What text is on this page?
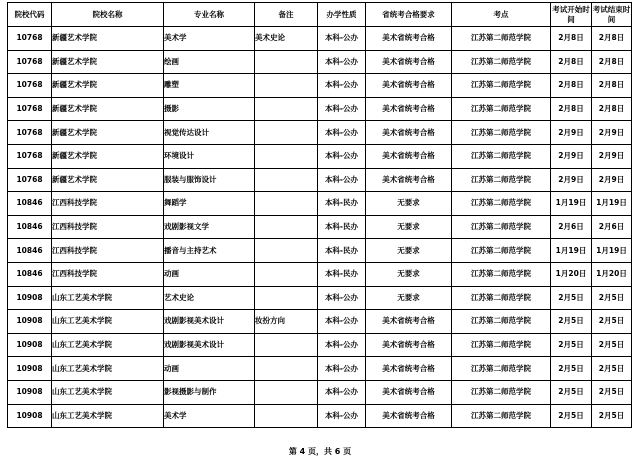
院校代码	院校名称	专业名称	备注	办学性质	省统考合格要求	考点	考试开始时间	考试结束时间
10768	新疆艺术学院	美术学	美术史论	本科-公办	美术省统考合格	江苏第二师范学院	2月8日	2月8日
10768	新疆艺术学院	绘画		本科-公办	美术省统考合格	江苏第二师范学院	2月8日	2月8日
10768	新疆艺术学院	雕塑		本科-公办	美术省统考合格	江苏第二师范学院	2月8日	2月8日
10768	新疆艺术学院	摄影		本科-公办	美术省统考合格	江苏第二师范学院	2月8日	2月8日
10768	新疆艺术学院	视觉传达设计		本科-公办	美术省统考合格	江苏第二师范学院	2月9日	2月9日
10768	新疆艺术学院	环境设计		本科-公办	美术省统考合格	江苏第二师范学院	2月9日	2月9日
10768	新疆艺术学院	服装与服饰设计		本科-公办	美术省统考合格	江苏第二师范学院	2月9日	2月9日
10846	江西科技学院	舞蹈学		本科-民办	无要求	江苏第二师范学院	1月19日	1月19日
10846	江西科技学院	戏剧影视文学		本科-民办	无要求	江苏第二师范学院	2月6日	2月6日
10846	江西科技学院	播音与主持艺术		本科-民办	无要求	江苏第二师范学院	1月19日	1月19日
10846	江西科技学院	动画		本科-民办	无要求	江苏第二师范学院	1月20日	1月20日
10908	山东工艺美术学院	艺术史论		本科-公办	无要求	江苏第二师范学院	2月5日	2月5日
10908	山东工艺美术学院	戏剧影视美术设计	妆扮方向	本科-公办	美术省统考合格	江苏第二师范学院	2月5日	2月5日
10908	山东工艺美术学院	戏剧影视美术设计		本科-公办	美术省统考合格	江苏第二师范学院	2月5日	2月5日
10908	山东工艺美术学院	动画		本科-公办	美术省统考合格	江苏第二师范学院	2月5日	2月5日
10908	山东工艺美术学院	影视摄影与制作		本科-公办	美术省统考合格	江苏第二师范学院	2月5日	2月5日
10908	山东工艺美术学院	美术学		本科-公办	美术省统考合格	江苏第二师范学院	2月5日	2月5日
第 4 页，共 6 页
